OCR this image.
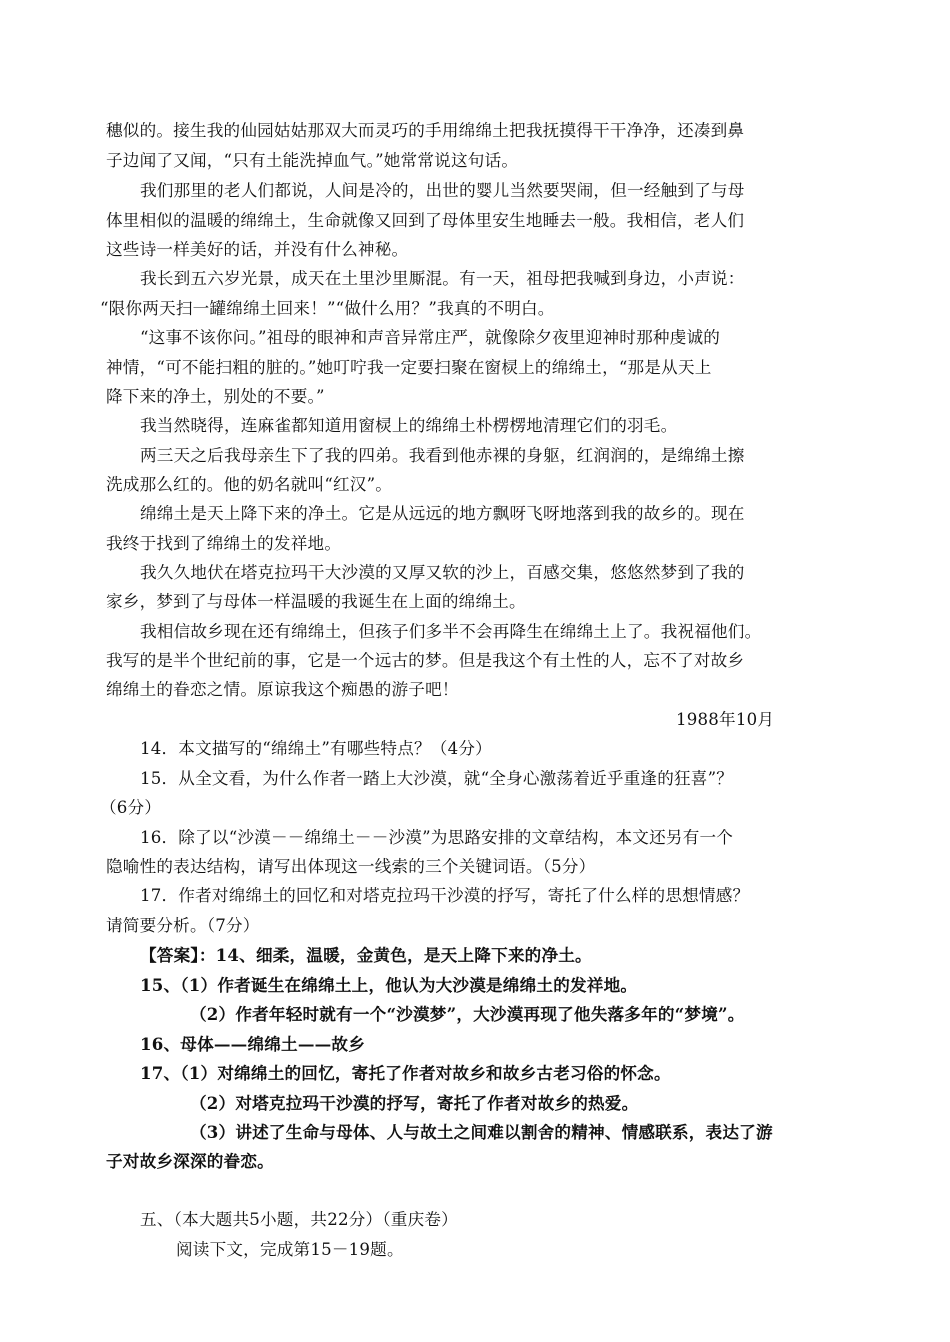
穗似的。接生我的仙园姑姑那双大而灵巧的手用绵绵土把我抚摸得干干净净，还凑到鼻
子边闻了又闻，“只有土能洗掉血气。”她常常说这句话。
我们那里的老人们都说，人间是冷的，出世的婴儿当然要哭闹，但一经触到了与母
体里相似的温暖的绵绵土，生命就像又回到了母体里安生地睡去一般。我相信，老人们
这些诗一样美好的话，并没有什么神秘。
我长到五六岁光景，成天在土里沙里厮混。有一天，祖母把我喊到身边，小声说：
“限你两天扫一罐绵绵土回来！”“做什么用？”我真的不明白。
“这事不该你问。”祖母的眼神和声音异常庄严，就像除夕夜里迎神时那种虔诚的
神情，“可不能扫粗的脏的。”她叮咛我一定要扫聚在窗棂上的绵绵土，“那是从天上
降下来的净土，别处的不要。”
我当然晓得，连麻雀都知道用窗棂上的绵绵土朴楞楞地清理它们的羽毛。
两三天之后我母亲生下了我的四弟。我看到他赤裸的身躯，红润润的，是绵绵土擦
洗成那么红的。他的奶名就叫“红汉”。
绵绵土是天上降下来的净土。它是从远远的地方飘呀飞呀地落到我的故乡的。现在
我终于找到了绵绵土的发祥地。
我久久地伏在塔克拉玛干大沙漠的又厚又软的沙上，百感交集，悠悠然梦到了我的
家乡，梦到了与母体一样温暖的我诞生在上面的绵绵土。
我相信故乡现在还有绵绵土，但孩子们多半不会再降生在绵绵土上了。我祝福他们。
我写的是半个世纪前的事，它是一个远古的梦。但是我这个有土性的人，忘不了对故乡
绵绵土的眷恋之情。原谅我这个痴愚的游子吧！
1988年10月
14．本文描写的“绵绵土”有哪些特点？（4分）
15．从全文看，为什么作者一踏上大沙漠，就“全身心激荡着近乎重逢的狂喜”？
（6分）
16．除了以“沙漠－－绵绵土－－沙漠”为思路安排的文章结构，本文还另有一个
隐喻性的表达结构，请写出体现这一线索的三个关键词语。（5分）
17．作者对绵绵土的回忆和对塔克拉玛干沙漠的抒写，寄托了什么样的思想情感？
请简要分析。（7分）
【答案】：14、细柔，温暖，金黄色，是天上降下来的净土。
15、（1）作者诞生在绵绵土上，他认为大沙漠是绵绵土的发祥地。
（2）作者年轻时就有一个“沙漠梦”，大沙漠再现了他失落多年的“梦境”。
16、母体——绵绵土——故乡
17、（1）对绵绵土的回忆，寄托了作者对故乡和故乡古老习俗的怀念。
（2）对塔克拉玛干沙漠的抒写，寄托了作者对故乡的热爱。
（3）讲述了生命与母体、人与故土之间难以割舍的精神、情感联系，表达了游
子对故乡深深的眷恋。
五、（本大题共5小题，共22分）（重庆卷）
阅读下文，完成第15－19题。
